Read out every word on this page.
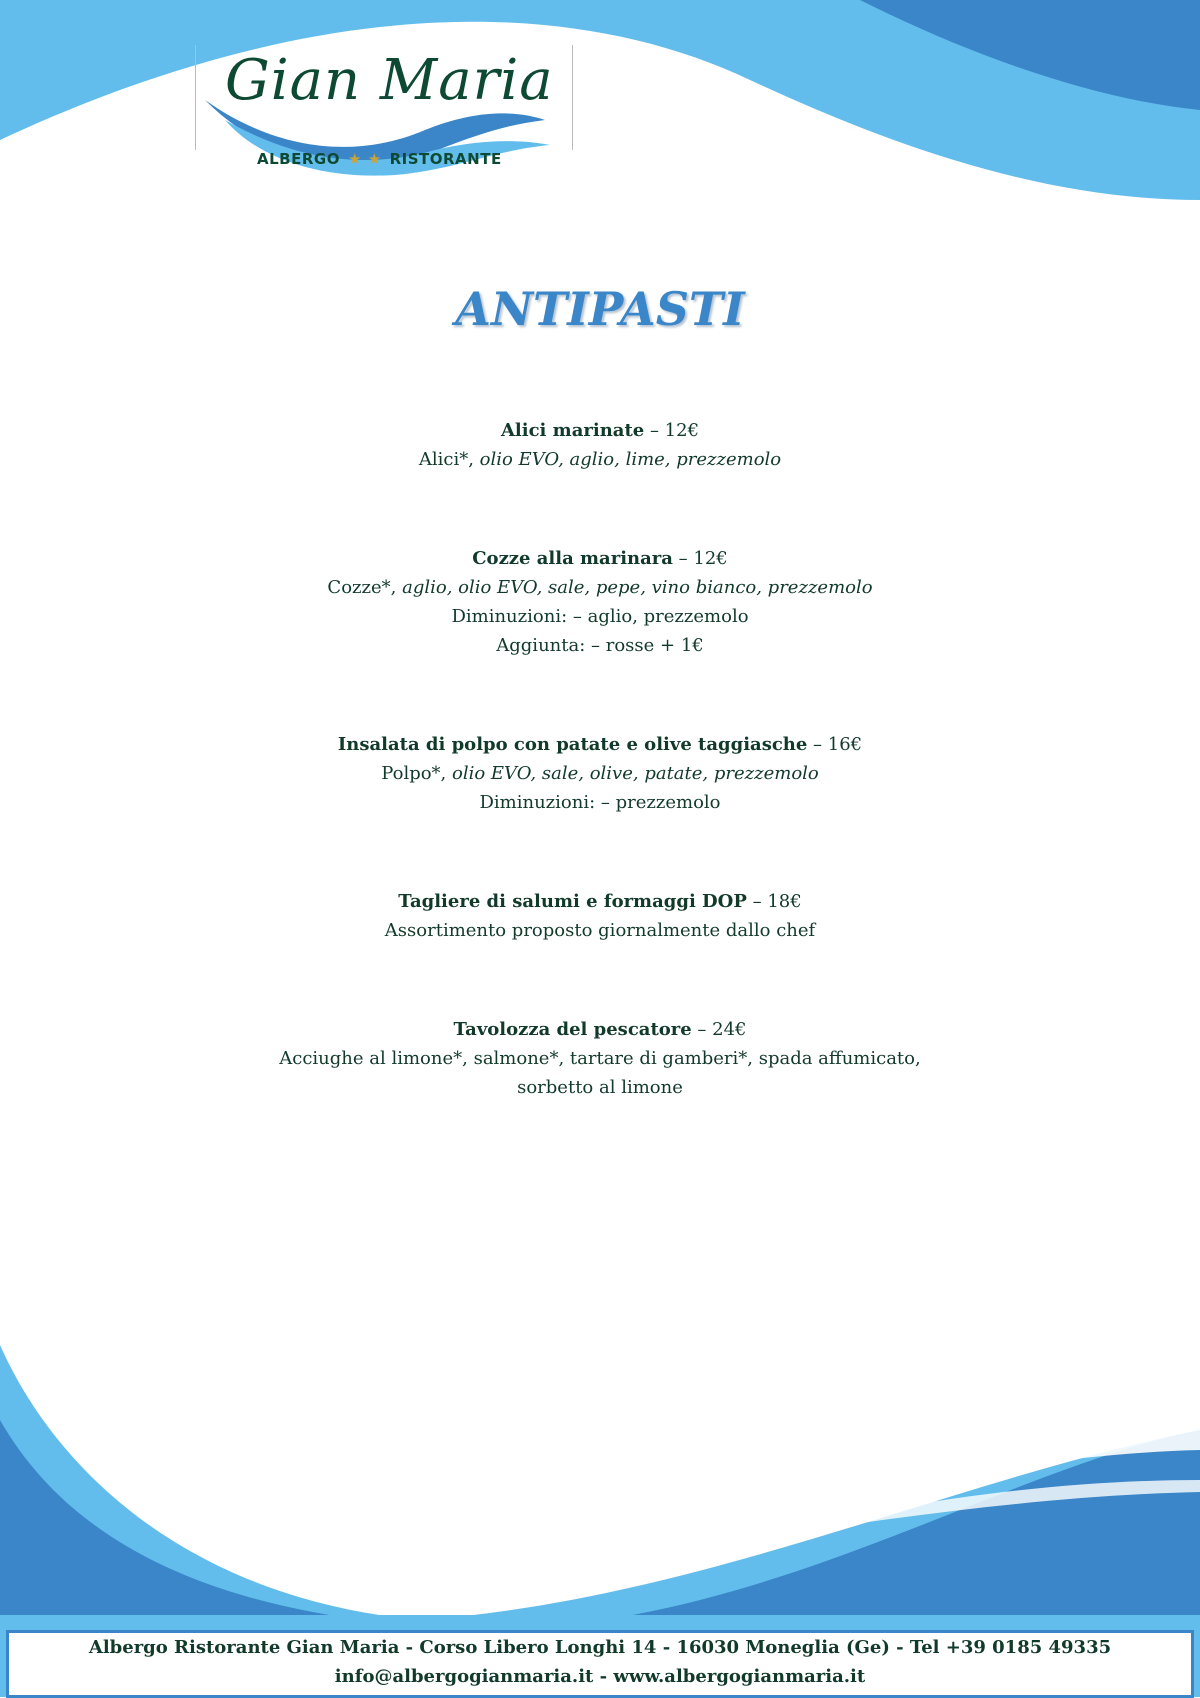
Gian Maria
ALBERGO ★ ★ RISTORANTE
ANTIPASTI
Alici marinate – 12€
Alici*, olio EVO, aglio, lime, prezzemolo
Cozze alla marinara – 12€
Cozze*, aglio, olio EVO, sale, pepe, vino bianco, prezzemolo
Diminuzioni: – aglio, prezzemolo
Aggiunta: – rosse + 1€
Insalata di polpo con patate e olive taggiasche – 16€
Polpo*, olio EVO, sale, olive, patate, prezzemolo
Diminuzioni: – prezzemolo
Tagliere di salumi e formaggi DOP – 18€
Assortimento proposto giornalmente dallo chef
Tavolozza del pescatore – 24€
Acciughe al limone*, salmone*, tartare di gamberi*, spada affumicato,
sorbetto al limone
Albergo Ristorante Gian Maria - Corso Libero Longhi 14 - 16030 Moneglia (Ge) - Tel +39 0185 49335
info@albergogianmaria.it - www.albergogianmaria.it
